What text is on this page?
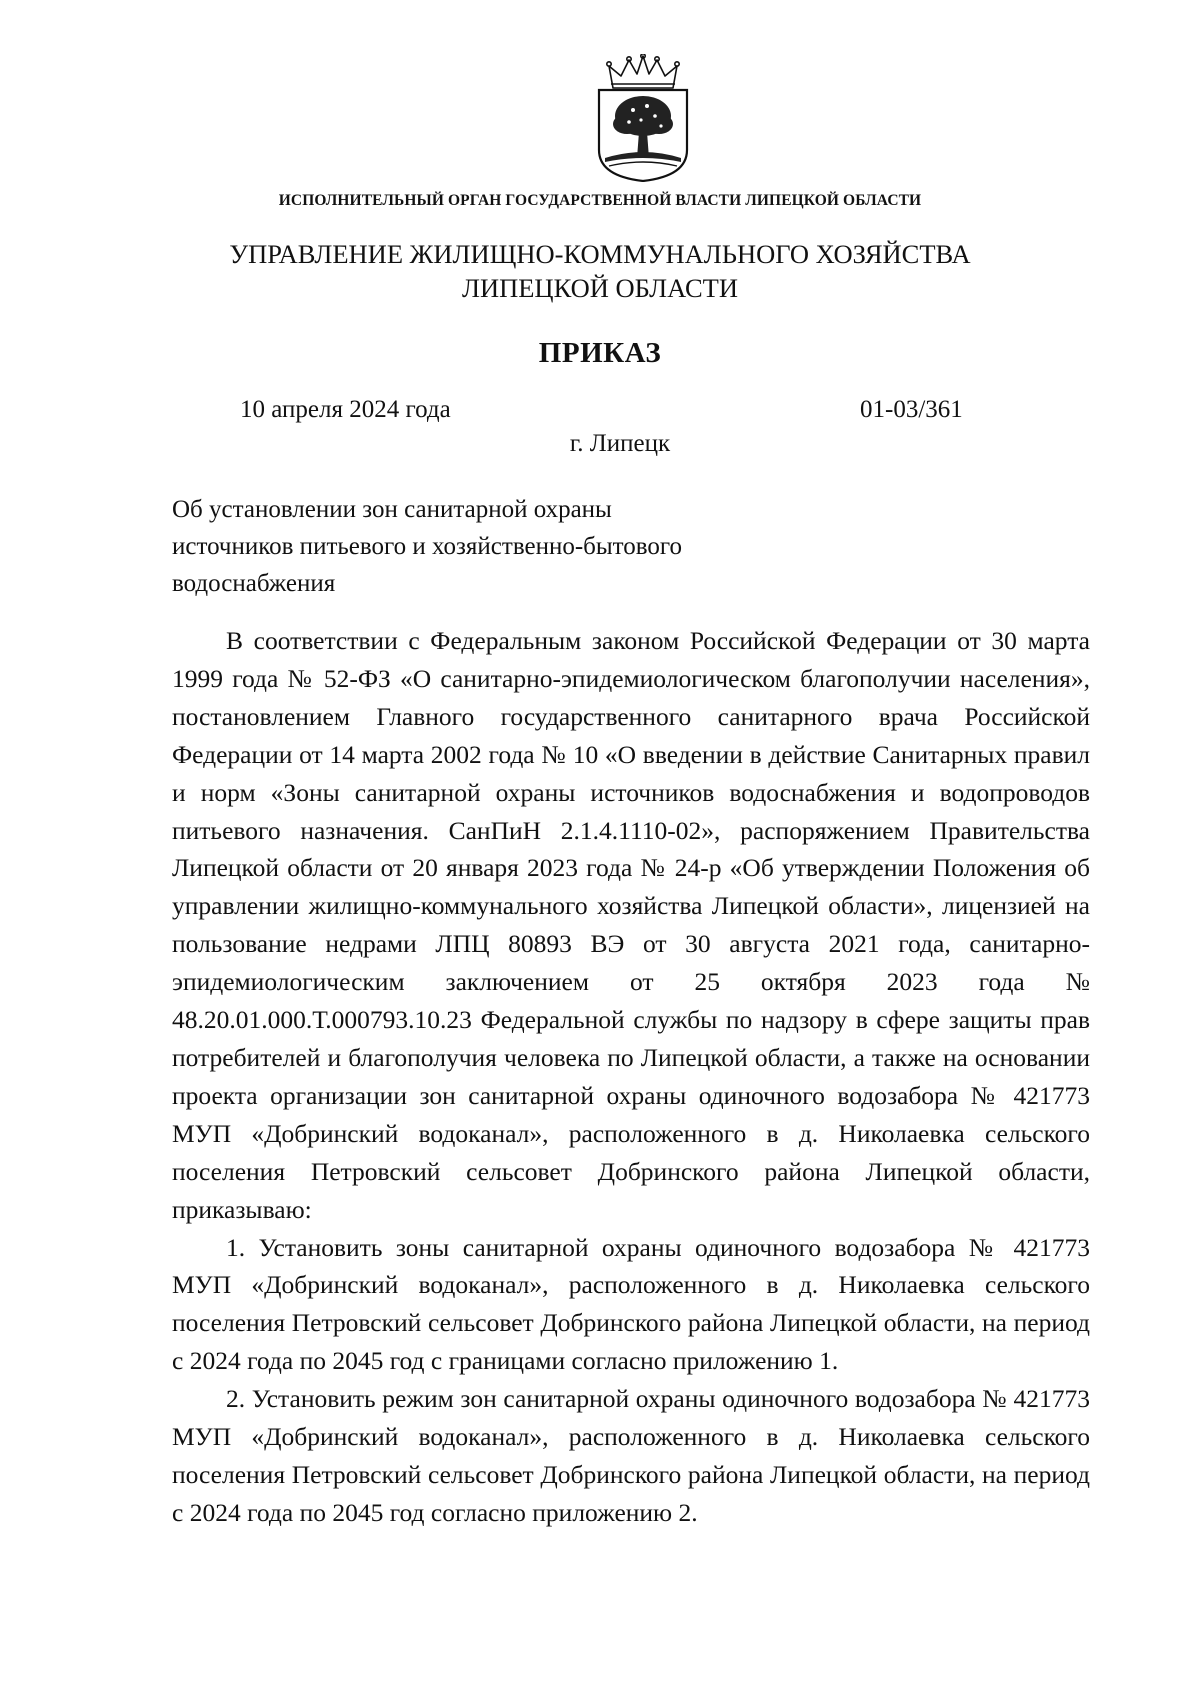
ИСПОЛНИТЕЛЬНЫЙ ОРГАН ГОСУДАРСТВЕННОЙ ВЛАСТИ ЛИПЕЦКОЙ ОБЛАСТИ
УПРАВЛЕНИЕ ЖИЛИЩНО-КОММУНАЛЬНОГО ХОЗЯЙСТВА
ЛИПЕЦКОЙ ОБЛАСТИ
ПРИКАЗ
10 апреля 2024 года	01-03/361
г. Липецк
Об установлении зон санитарной охраны
источников питьевого и хозяйственно-бытового
водоснабжения

В соответствии с Федеральным законом Российской Федерации от 30 марта 1999 года № 52-ФЗ «О санитарно-эпидемиологическом благополучии населения», постановлением Главного государственного санитарного врача Российской Федерации от 14 марта 2002 года № 10 «О введении в действие Санитарных правил и норм «Зоны санитарной охраны источников водоснабжения и водопроводов питьевого назначения. СанПиН 2.1.4.1110-02», распоряжением Правительства Липецкой области от 20 января 2023 года № 24-р «Об утверждении Положения об управлении жилищно-коммунального хозяйства Липецкой области», лицензией на пользование недрами ЛПЦ 80893 ВЭ от 30 августа 2021 года, санитарно-эпидемиологическим заключением от 25 октября 2023 года № 48.20.01.000.Т.000793.10.23 Федеральной службы по надзору в сфере защиты прав потребителей и благополучия человека по Липецкой области, а также на основании проекта организации зон санитарной охраны одиночного водозабора № 421773 МУП «Добринский водоканал», расположенного в д. Николаевка сельского поселения Петровский сельсовет Добринского района Липецкой области, приказываю:

1. Установить зоны санитарной охраны одиночного водозабора № 421773 МУП «Добринский водоканал», расположенного в д. Николаевка сельского поселения Петровский сельсовет Добринского района Липецкой области, на период с 2024 года по 2045 год с границами согласно приложению 1.

2. Установить режим зон санитарной охраны одиночного водозабора № 421773 МУП «Добринский водоканал», расположенного в д. Николаевка сельского поселения Петровский сельсовет Добринского района Липецкой области, на период с 2024 года по 2045 год согласно приложению 2.
